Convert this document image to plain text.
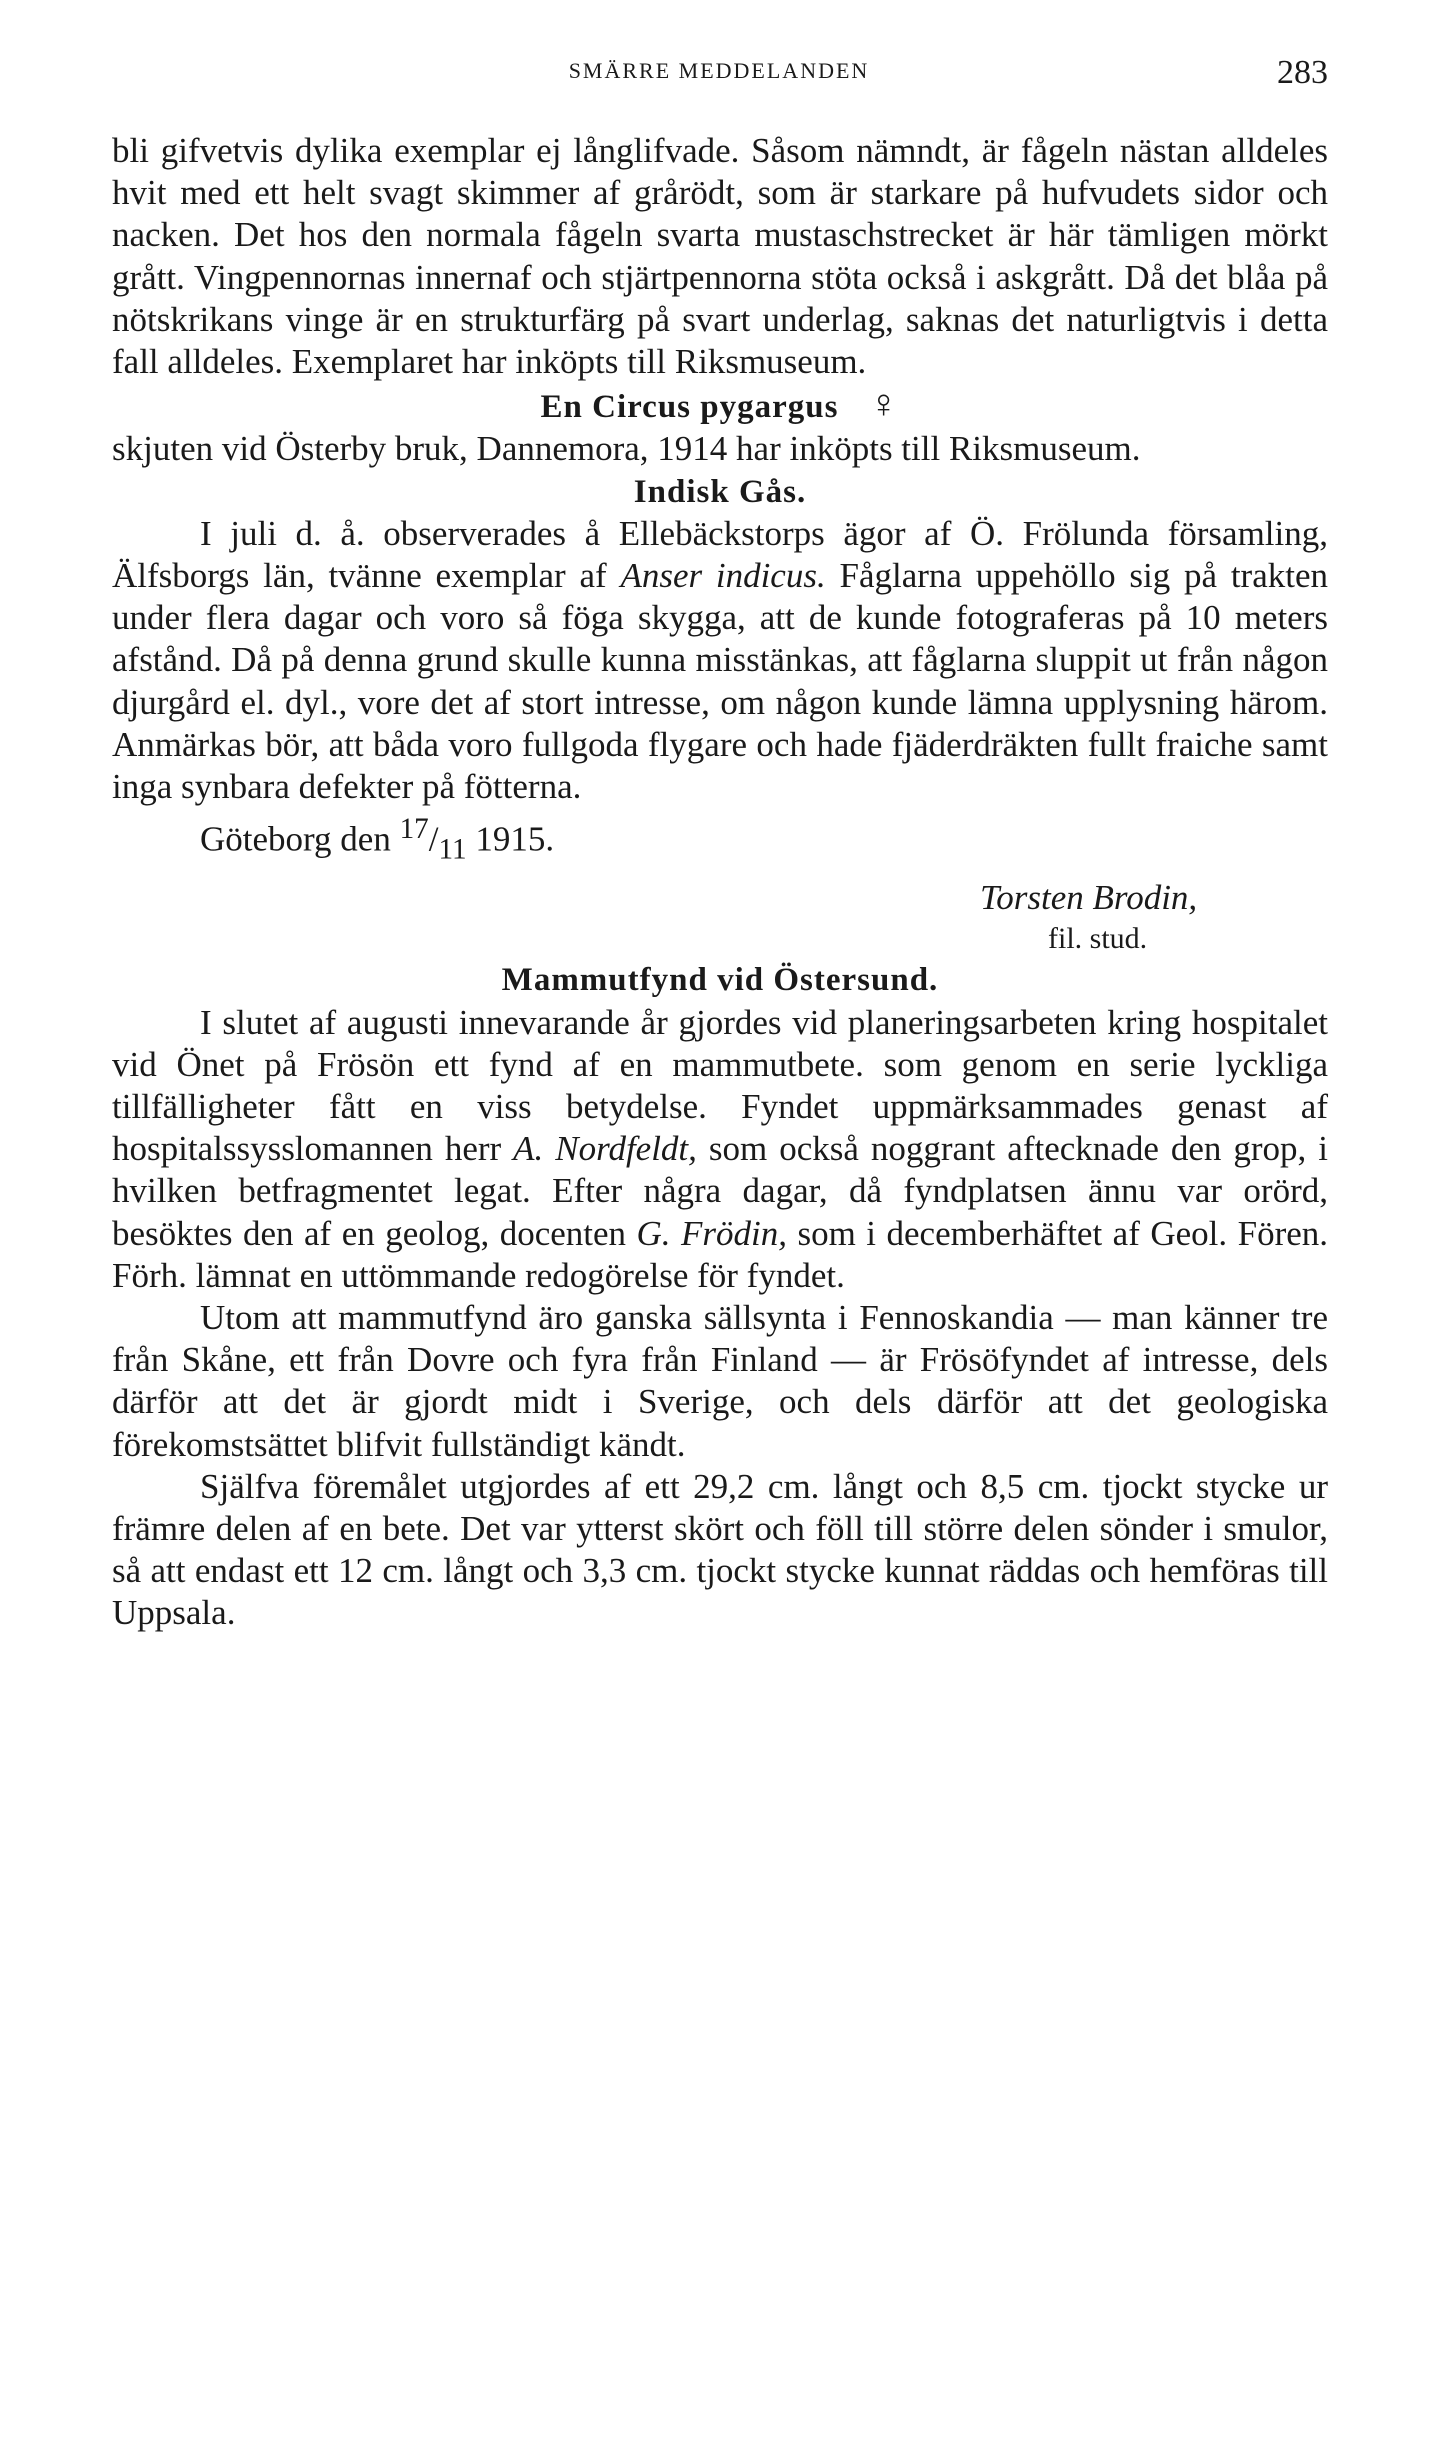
SMÄRRE MEDDELANDEN	283

bli gifvetvis dylika exemplar ej långlifvade. Såsom nämndt, är fågeln nästan alldeles hvit med ett helt svagt skimmer af grårödt, som är starkare på hufvudets sidor och nacken. Det hos den normala fågeln svarta mustaschstrecket är här tämligen mörkt grått. Vingpennornas innernaf och stjärtpennorna stöta också i askgrått. Då det blåa på nötskrikans vinge är en strukturfärg på svart underlag, saknas det naturligtvis i detta fall alldeles. Exemplaret har inköpts till Riksmuseum.

En Circus pygargus ♀

skjuten vid Österby bruk, Dannemora, 1914 har inköpts till Riksmuseum.

Indisk Gås.

I juli d. å. observerades å Ellebäckstorps ägor af Ö. Frölunda församling, Älfsborgs län, tvänne exemplar af Anser indicus. Fåglarna uppehöllo sig på trakten under flera dagar och voro så föga skygga, att de kunde fotograferas på 10 meters afstånd. Då på denna grund skulle kunna misstänkas, att fåglarna sluppit ut från någon djurgård el. dyl., vore det af stort intresse, om någon kunde lämna upplysning härom. Anmärkas bör, att båda voro fullgoda flygare och hade fjäderdräkten fullt fraiche samt inga synbara defekter på fötterna.

Göteborg den $^{17}/_{11}$ 1915.

Torsten Brodin,
fil. stud.

Mammutfynd vid Östersund.

I slutet af augusti innevarande år gjordes vid planeringsarbeten kring hospitalet vid Önet på Frösön ett fynd af en mammutbete. som genom en serie lyckliga tillfälligheter fått en viss betydelse. Fyndet uppmärksammades genast af hospitalssysslomannen herr A. Nordfeldt, som också noggrant aftecknade den grop, i hvilken betfragmentet legat. Efter några dagar, då fyndplatsen ännu var orörd, besöktes den af en geolog, docenten G. Frödin, som i decemberhäftet af Geol. Fören. Förh. lämnat en uttömmande redogörelse för fyndet.

Utom att mammutfynd äro ganska sällsynta i Fennoskandia — man känner tre från Skåne, ett från Dovre och fyra från Finland — är Frösöfyndet af intresse, dels därför att det är gjordt midt i Sverige, och dels därför att det geologiska förekomstsättet blifvit fullständigt kändt.

Själfva föremålet utgjordes af ett 29,2 cm. långt och 8,5 cm. tjockt stycke ur främre delen af en bete. Det var ytterst skört och föll till större delen sönder i smulor, så att endast ett 12 cm. långt och 3,3 cm. tjockt stycke kunnat räddas och hemföras till Uppsala.
